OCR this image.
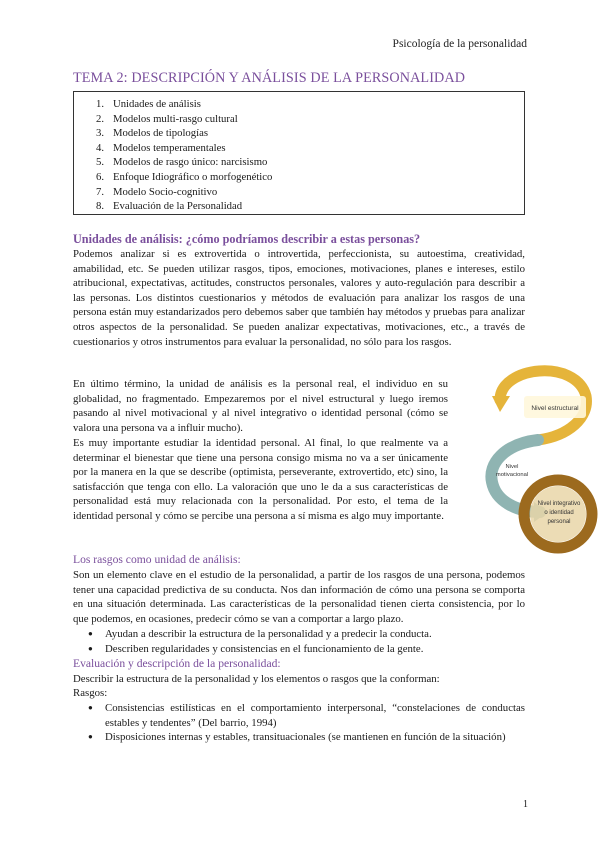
Psicología de la personalidad
TEMA 2: DESCRIPCIÓN Y ANÁLISIS DE LA PERSONALIDAD
1. Unidades de análisis
2. Modelos multi-rasgo cultural
3. Modelos de tipologías
4. Modelos temperamentales
5. Modelos de rasgo único: narcisismo
6. Enfoque Idiográfico o morfogenético
7. Modelo Socio-cognitivo
8. Evaluación de la Personalidad
Unidades de análisis: ¿cómo podríamos describir a estas personas?

Podemos analizar si es extrovertida o introvertida, perfeccionista, su autoestima, creatividad, amabilidad, etc. Se pueden utilizar rasgos, tipos, emociones, motivaciones, planes e intereses, estilo atribucional, expectativas, actitudes, constructos personales, valores y auto-regulación para describir a las personas. Los distintos cuestionarios y métodos de evaluación para analizar los rasgos de una persona están muy estandarizados pero debemos saber que también hay métodos y pruebas para analizar otros aspectos de la personalidad. Se pueden analizar expectativas, motivaciones, etc., a través de cuestionarios y otros instrumentos para evaluar la personalidad, no sólo para los rasgos.

En último término, la unidad de análisis es la personal real, el individuo en su globalidad, no fragmentado. Empezaremos por el nivel estructural y luego iremos pasando al nivel motivacional y al nivel integrativo o identidad personal (cómo se valora una persona va a influir mucho).

Es muy importante estudiar la identidad personal. Al final, lo que realmente va a determinar el bienestar que tiene una persona consigo misma no va a ser únicamente por la manera en la que se describe (optimista, perseverante, extrovertido, etc) sino, la satisfacción que tenga con ello. La valoración que uno le da a sus características de personalidad está muy relacionada con la personalidad. Por esto, el tema de la identidad personal y cómo se percibe una persona a sí misma es algo muy importante.

Nivel estructural
Nivel
motivacional
Nivel integrativo
o identidad
personal
Los rasgos como unidad de análisis:

Son un elemento clave en el estudio de la personalidad, a partir de los rasgos de una persona, podemos tener una capacidad predictiva de su conducta. Nos dan información de cómo una persona se comporta en una situación determinada. Las características de la personalidad tienen cierta consistencia, por lo que podemos, en ocasiones, predecir cómo se van a comportar a largo plazo.

● Ayudan a describir la estructura de la personalidad y a predecir la conducta.
● Describen regularidades y consistencias en el funcionamiento de la gente.
Evaluación y descripción de la personalidad:

Describir la estructura de la personalidad y los elementos o rasgos que la conforman:

Rasgos:

● Consistencias estilísticas en el comportamiento interpersonal, “constelaciones de conductas estables y tendentes” (Del barrio, 1994)
● Disposiciones internas y estables, transituacionales (se mantienen en función de la situación)
1
